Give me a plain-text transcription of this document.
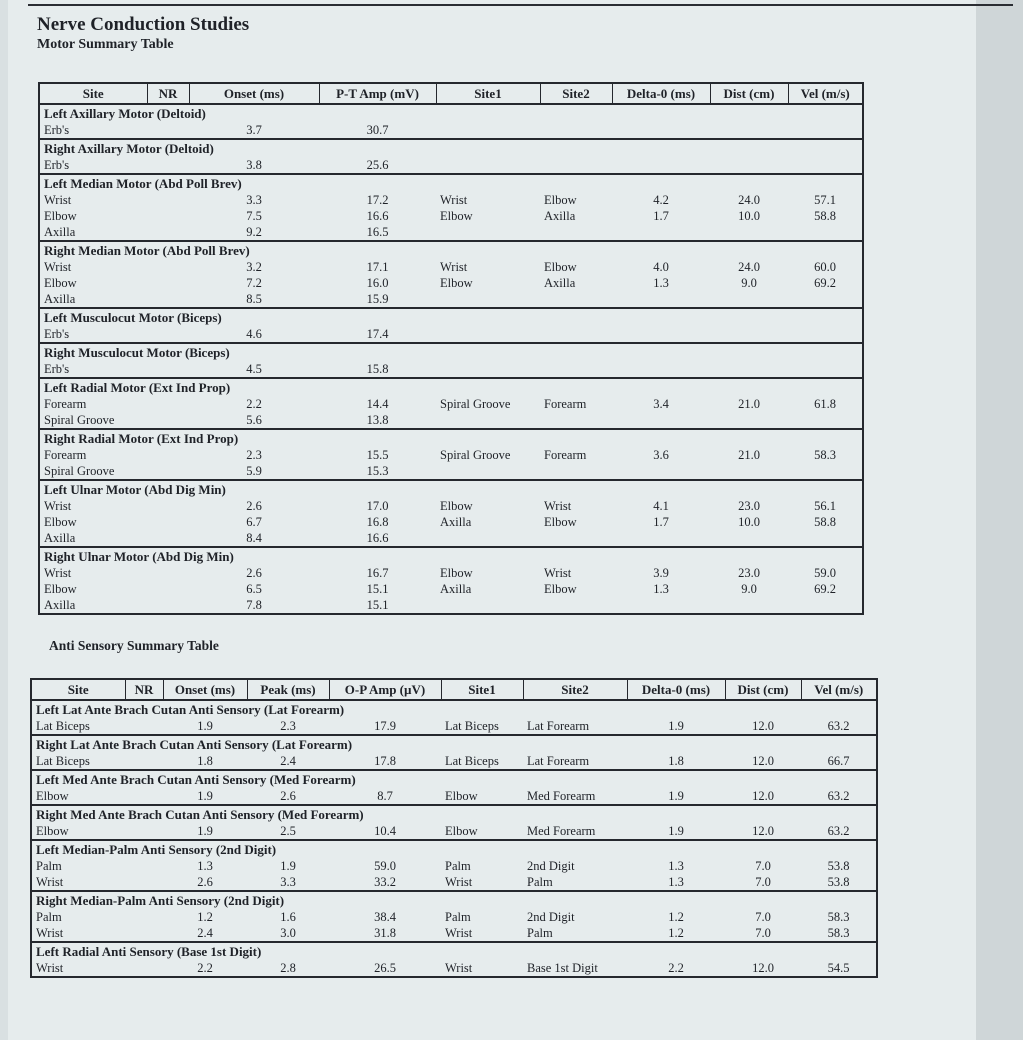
Nerve Conduction Studies
Motor Summary Table
Site	NR	Onset (ms)	P-T Amp (mV)	Site1	Site2	Delta-0 (ms)	Dist (cm)	Vel (m/s)
Left Axillary Motor (Deltoid)								
Erb's		3.7	30.7					
Right Axillary Motor (Deltoid)								
Erb's		3.8	25.6					
Left Median Motor (Abd Poll Brev)								
Wrist		3.3	17.2	Wrist	Elbow	4.2	24.0	57.1
Elbow		7.5	16.6	Elbow	Axilla	1.7	10.0	58.8
Axilla		9.2	16.5					
Right Median Motor (Abd Poll Brev)								
Wrist		3.2	17.1	Wrist	Elbow	4.0	24.0	60.0
Elbow		7.2	16.0	Elbow	Axilla	1.3	9.0	69.2
Axilla		8.5	15.9					
Left Musculocut Motor (Biceps)								
Erb's		4.6	17.4					
Right Musculocut Motor (Biceps)								
Erb's		4.5	15.8					
Left Radial Motor (Ext Ind Prop)								
Forearm		2.2	14.4	Spiral Groove	Forearm	3.4	21.0	61.8
Spiral Groove		5.6	13.8					
Right Radial Motor (Ext Ind Prop)								
Forearm		2.3	15.5	Spiral Groove	Forearm	3.6	21.0	58.3
Spiral Groove		5.9	15.3					
Left Ulnar Motor (Abd Dig Min)								
Wrist		2.6	17.0	Elbow	Wrist	4.1	23.0	56.1
Elbow		6.7	16.8	Axilla	Elbow	1.7	10.0	58.8
Axilla		8.4	16.6					
Right Ulnar Motor (Abd Dig Min)								
Wrist		2.6	16.7	Elbow	Wrist	3.9	23.0	59.0
Elbow		6.5	15.1	Axilla	Elbow	1.3	9.0	69.2
Axilla		7.8	15.1					
Anti Sensory Summary Table
Site	NR	Onset (ms)	Peak (ms)	O-P Amp (µV)	Site1	Site2	Delta-0 (ms)	Dist (cm)	Vel (m/s)
Left Lat Ante Brach Cutan Anti Sensory (Lat Forearm)									
Lat Biceps		1.9	2.3	17.9	Lat Biceps	Lat Forearm	1.9	12.0	63.2
Right Lat Ante Brach Cutan Anti Sensory (Lat Forearm)									
Lat Biceps		1.8	2.4	17.8	Lat Biceps	Lat Forearm	1.8	12.0	66.7
Left Med Ante Brach Cutan Anti Sensory (Med Forearm)									
Elbow		1.9	2.6	8.7	Elbow	Med Forearm	1.9	12.0	63.2
Right Med Ante Brach Cutan Anti Sensory (Med Forearm)									
Elbow		1.9	2.5	10.4	Elbow	Med Forearm	1.9	12.0	63.2
Left Median-Palm Anti Sensory (2nd Digit)									
Palm		1.3	1.9	59.0	Palm	2nd Digit	1.3	7.0	53.8
Wrist		2.6	3.3	33.2	Wrist	Palm	1.3	7.0	53.8
Right Median-Palm Anti Sensory (2nd Digit)									
Palm		1.2	1.6	38.4	Palm	2nd Digit	1.2	7.0	58.3
Wrist		2.4	3.0	31.8	Wrist	Palm	1.2	7.0	58.3
Left Radial Anti Sensory (Base 1st Digit)									
Wrist		2.2	2.8	26.5	Wrist	Base 1st Digit	2.2	12.0	54.5
